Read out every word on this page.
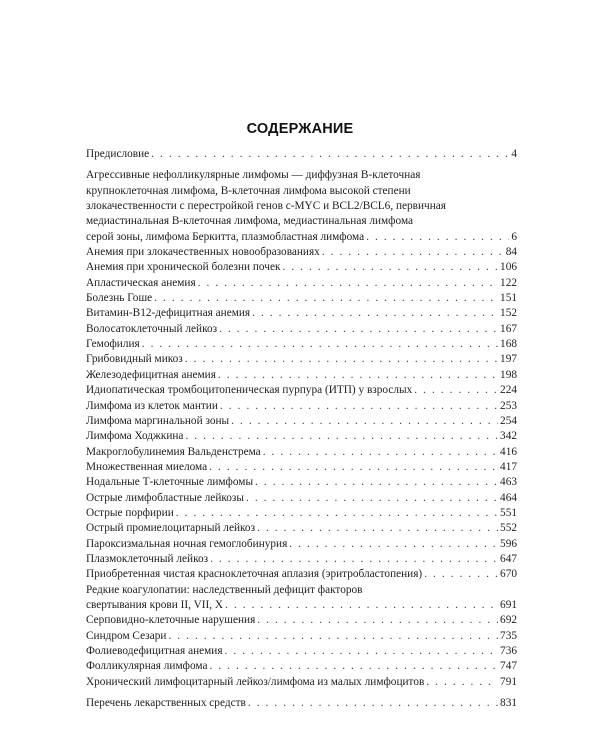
СОДЕРЖАНИЕ
Предисловие . . .	4
Агрессивные нефолликулярные лимфомы — диффузная В-клеточная
крупноклеточная лимфома, В-клеточная лимфома высокой степени
злокачественности с перестройкой генов c-MYC и BCL2/BCL6, первичная
медиастинальная В-клеточная лимфома, медиастинальная лимфома
серой зоны, лимфома Беркитта, плазмобластная лимфома . . .	6
Анемия при злокачественных новообразованиях . . .	84
Анемия при хронической болезни почек . . .	106
Апластическая анемия . . .	122
Болезнь Гоше . . .	151
Витамин-В12-дефицитная анемия . . .	152
Волосатоклеточный лейкоз . . .	167
Гемофилия . . .	168
Грибовидный микоз . . .	197
Железодефицитная анемия . . .	198
Идиопатическая тромбоцитопеническая пурпура (ИТП) у взрослых . . .	224
Лимфома из клеток мантии . . .	253
Лимфома маргинальной зоны . . .	254
Лимфома Ходжкина . . .	342
Макроглобулинемия Вальденстрема . . .	416
Множественная миелома . . .	417
Нодальные Т-клеточные лимфомы . . .	463
Острые лимфобластные лейкозы . . .	464
Острые порфирии . . .	551
Острый промиелоцитарный лейкоз . . .	552
Пароксизмальная ночная гемоглобинурия . . .	596
Плазмоклеточный лейкоз . . .	647
Приобретенная чистая красноклеточная аплазия (эритробластопения) . . .	670
Редкие коагулопатии: наследственный дефицит факторов
свертывания крови II, VII, X . . .	691
Серповидно-клеточные нарушения . . .	692
Синдром Сезари . . .	735
Фолиеводефицитная анемия . . .	736
Фолликулярная лимфома . . .	747
Хронический лимфоцитарный лейкоз/лимфома из малых лимфоцитов . . .	791
Перечень лекарственных средств . . .	831
